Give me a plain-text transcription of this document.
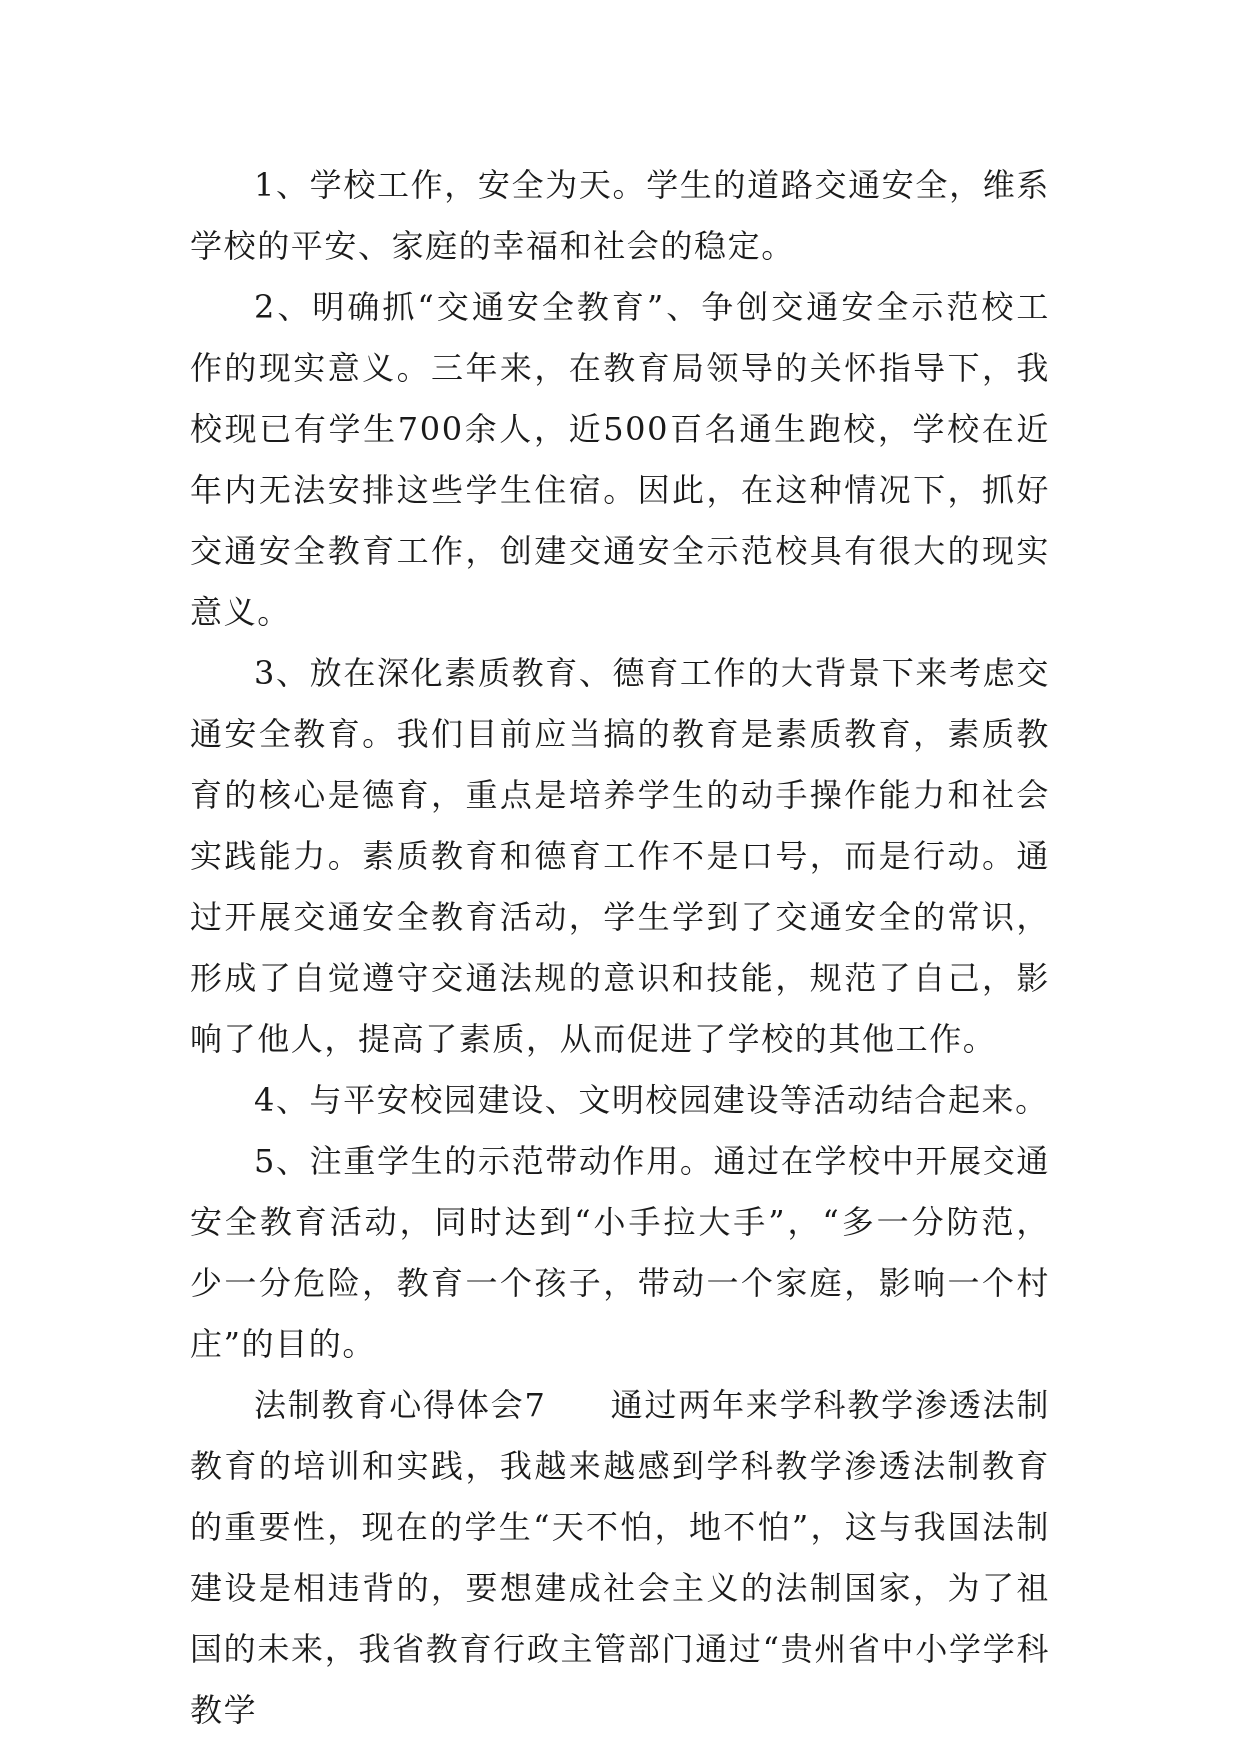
1、学校工作，安全为天。学生的道路交通安全，维系学校的平安、家庭的幸福和社会的稳定。

2、明确抓“交通安全教育”、争创交通安全示范校工作的现实意义。三年来，在教育局领导的关怀指导下，我校现已有学生700余人，近500百名通生跑校，学校在近年内无法安排这些学生住宿。因此，在这种情况下，抓好交通安全教育工作，创建交通安全示范校具有很大的现实意义。

3、放在深化素质教育、德育工作的大背景下来考虑交通安全教育。我们目前应当搞的教育是素质教育，素质教育的核心是德育，重点是培养学生的动手操作能力和社会实践能力。素质教育和德育工作不是口号，而是行动。通过开展交通安全教育活动，学生学到了交通安全的常识，形成了自觉遵守交通法规的意识和技能，规范了自己，影响了他人，提高了素质，从而促进了学校的其他工作。

4、与平安校园建设、文明校园建设等活动结合起来。

5、注重学生的示范带动作用。通过在学校中开展交通安全教育活动，同时达到“小手拉大手”，“多一分防范，少一分危险，教育一个孩子，带动一个家庭，影响一个村庄”的目的。

法制教育心得体会7 通过两年来学科教学渗透法制教育的培训和实践，我越来越感到学科教学渗透法制教育的重要性，现在的学生“天不怕，地不怕”，这与我国法制建设是相违背的，要想建成社会主义的法制国家，为了祖国的未来，我省教育行政主管部门通过“贵州省中小学学科教学
